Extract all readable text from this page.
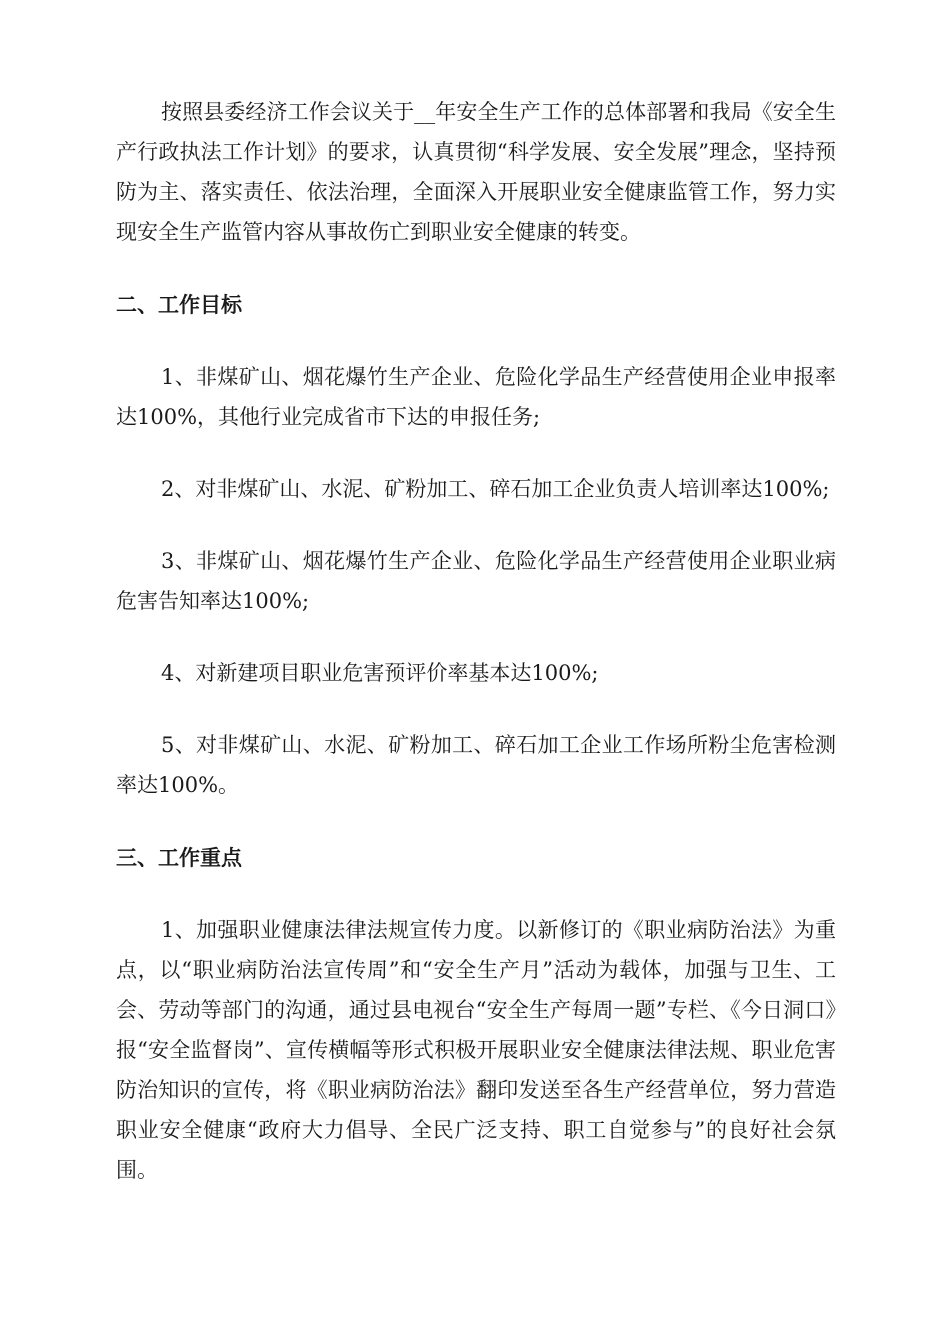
按照县委经济工作会议关于__年安全生产工作的总体部署和我局《安全生产行政执法工作计划》的要求，认真贯彻“科学发展、安全发展”理念，坚持预防为主、落实责任、依法治理，全面深入开展职业安全健康监管工作，努力实现安全生产监管内容从事故伤亡到职业安全健康的转变。

二、工作目标

1、非煤矿山、烟花爆竹生产企业、危险化学品生产经营使用企业申报率达100%，其他行业完成省市下达的申报任务;

2、对非煤矿山、水泥、矿粉加工、碎石加工企业负责人培训率达100%;

3、非煤矿山、烟花爆竹生产企业、危险化学品生产经营使用企业职业病危害告知率达100%;

4、对新建项目职业危害预评价率基本达100%;

5、对非煤矿山、水泥、矿粉加工、碎石加工企业工作场所粉尘危害检测率达100%。

三、工作重点

1、加强职业健康法律法规宣传力度。以新修订的《职业病防治法》为重点，以“职业病防治法宣传周”和“安全生产月”活动为载体，加强与卫生、工会、劳动等部门的沟通，通过县电视台“安全生产每周一题”专栏、《今日洞口》报“安全监督岗”、宣传横幅等形式积极开展职业安全健康法律法规、职业危害防治知识的宣传，将《职业病防治法》翻印发送至各生产经营单位，努力营造职业安全健康“政府大力倡导、全民广泛支持、职工自觉参与”的良好社会氛围。
